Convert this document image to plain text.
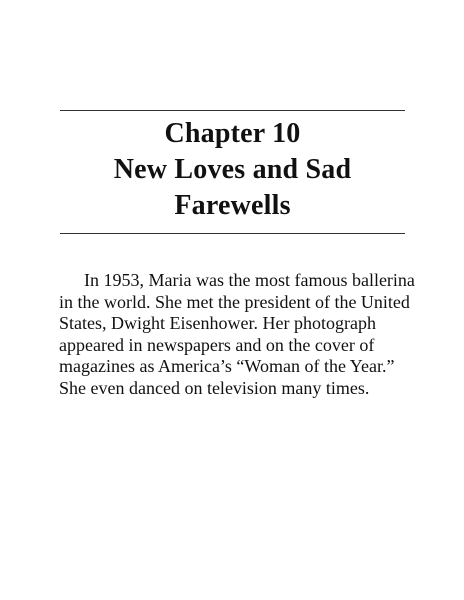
Chapter 10
New Loves and Sad
Farewells

In 1953, Maria was the most famous ballerina
in the world. She met the president of the United
States, Dwight Eisenhower. Her photograph
appeared in newspapers and on the cover of
magazines as America’s “Woman of the Year.”
She even danced on television many times.
